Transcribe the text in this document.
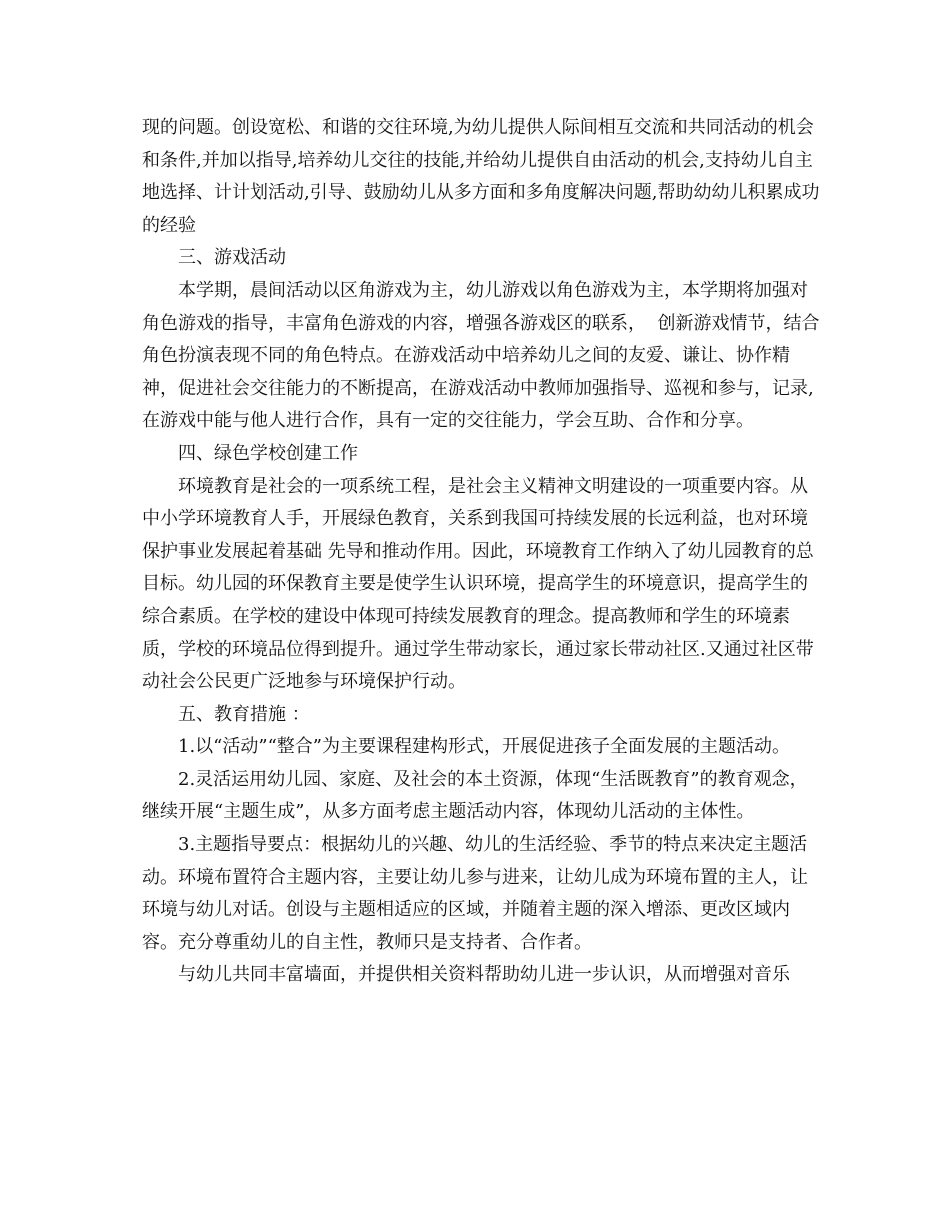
现的问题。创设宽松、和谐的交往环境,为幼儿提供人际间相互交流和共同活动的机会和条件,并加以指导,培养幼儿交往的技能,并给幼儿提供自由活动的机会,支持幼儿自主地选择、计计划活动,引导、鼓励幼儿从多方面和多角度解决问题,帮助幼幼儿积累成功的经验

三、游戏活动

本学期，晨间活动以区角游戏为主，幼儿游戏以角色游戏为主，本学期将加强对角色游戏的指导，丰富角色游戏的内容，增强各游戏区的联系，  创新游戏情节，结合角色扮演表现不同的角色特点。在游戏活动中培养幼儿之间的友爱、谦让、协作精神，促进社会交往能力的不断提高，在游戏活动中教师加强指导、巡视和参与，记录,在游戏中能与他人进行合作，具有一定的交往能力，学会互助、合作和分享。

四、绿色学校创建工作

环境教育是社会的一项系统工程，是社会主义精神文明建设的一项重要内容。从中小学环境教育人手，开展绿色教育，关系到我国可持续发展的长远利益，也对环境保护事业发展起着基础 先导和推动作用。因此，环境教育工作纳入了幼儿园教育的总目标。幼儿园的环保教育主要是使学生认识环境，提高学生的环境意识，提高学生的综合素质。在学校的建设中体现可持续发展教育的理念。提高教师和学生的环境素质，学校的环境品位得到提升。通过学生带动家长，通过家长带动社区.又通过社区带动社会公民更广泛地参与环境保护行动。

五、教育措施 ：

1.以“活动”“整合”为主要课程建构形式，开展促进孩子全面发展的主题活动。

2.灵活运用幼儿园、家庭、及社会的本土资源，体现“生活既教育”的教育观念，继续开展“主题生成”，从多方面考虑主题活动内容，体现幼儿活动的主体性。

3.主题指导要点：根据幼儿的兴趣、幼儿的生活经验、季节的特点来决定主题活动。环境布置符合主题内容，主要让幼儿参与进来，让幼儿成为环境布置的主人，让环境与幼儿对话。创设与主题相适应的区域，并随着主题的深入增添、更改区域内容。充分尊重幼儿的自主性，教师只是支持者、合作者。

与幼儿共同丰富墙面，并提供相关资料帮助幼儿进一步认识，从而增强对音乐
